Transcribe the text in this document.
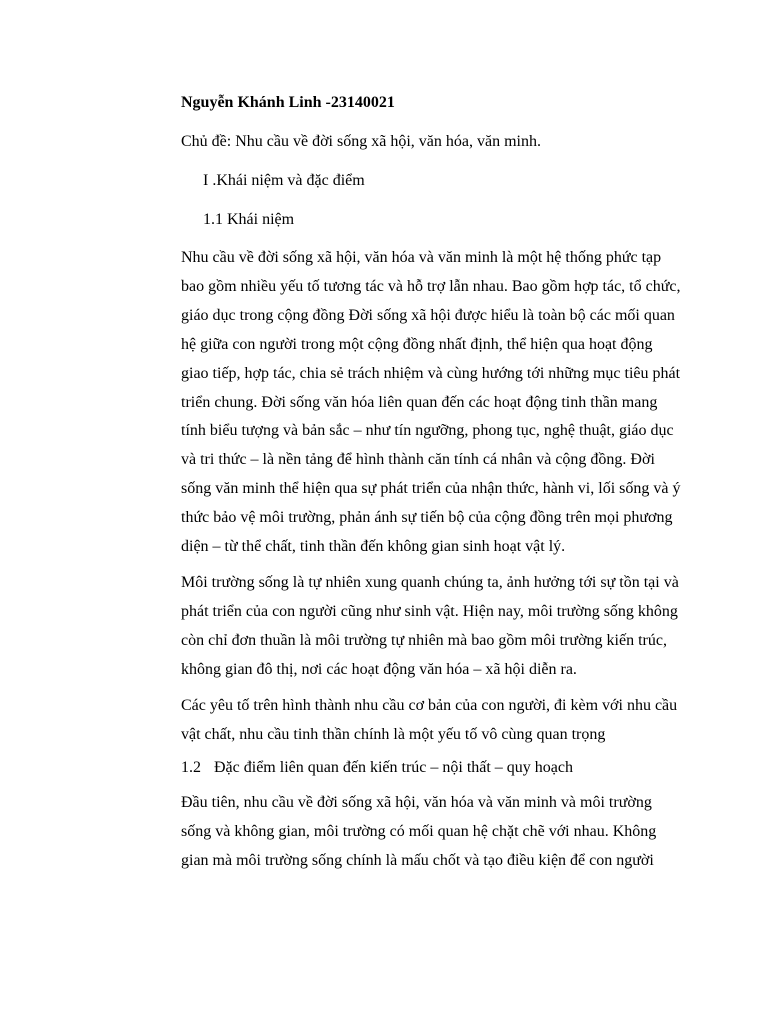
Nguyễn Khánh Linh -23140021

Chủ đề: Nhu cầu về đời sống xã hội, văn hóa, văn minh.

I .Khái niệm và đặc điểm

1.1 Khái niệm

Nhu cầu về đời sống xã hội, văn hóa và văn minh là một hệ thống phức tạp bao gồm nhiều yếu tố tương tác và hỗ trợ lẫn nhau. Bao gồm hợp tác, tổ chức, giáo dục trong cộng đồng Đời sống xã hội được hiểu là toàn bộ các mối quan hệ giữa con người trong một cộng đồng nhất định, thể hiện qua hoạt động giao tiếp, hợp tác, chia sẻ trách nhiệm và cùng hướng tới những mục tiêu phát triển chung. Đời sống văn hóa liên quan đến các hoạt động tinh thần mang tính biểu tượng và bản sắc – như tín ngưỡng, phong tục, nghệ thuật, giáo dục và tri thức – là nền tảng để hình thành căn tính cá nhân và cộng đồng. Đời sống văn minh thể hiện qua sự phát triển của nhận thức, hành vi, lối sống và ý thức bảo vệ môi trường, phản ánh sự tiến bộ của cộng đồng trên mọi phương diện – từ thể chất, tinh thần đến không gian sinh hoạt vật lý.

Môi trường sống là tự nhiên xung quanh chúng ta, ảnh hưởng tới sự tồn tại và phát triển của con người cũng như sinh vật. Hiện nay, môi trường sống không còn chỉ đơn thuần là môi trường tự nhiên mà bao gồm môi trường kiến trúc, không gian đô thị, nơi các hoạt động văn hóa – xã hội diễn ra.

Các yêu tố trên hình thành nhu cầu cơ bản của con người, đi kèm với nhu cầu vật chất, nhu cầu tinh thần chính là một yếu tố vô cùng quan trọng

1.2 Đặc điểm liên quan đến kiến trúc – nội thất – quy hoạch

Đầu tiên, nhu cầu về đời sống xã hội, văn hóa và văn minh và môi trường sống và không gian, môi trường có mối quan hệ chặt chẽ với nhau. Không gian mà môi trường sống chính là mấu chốt và tạo điều kiện để con người
